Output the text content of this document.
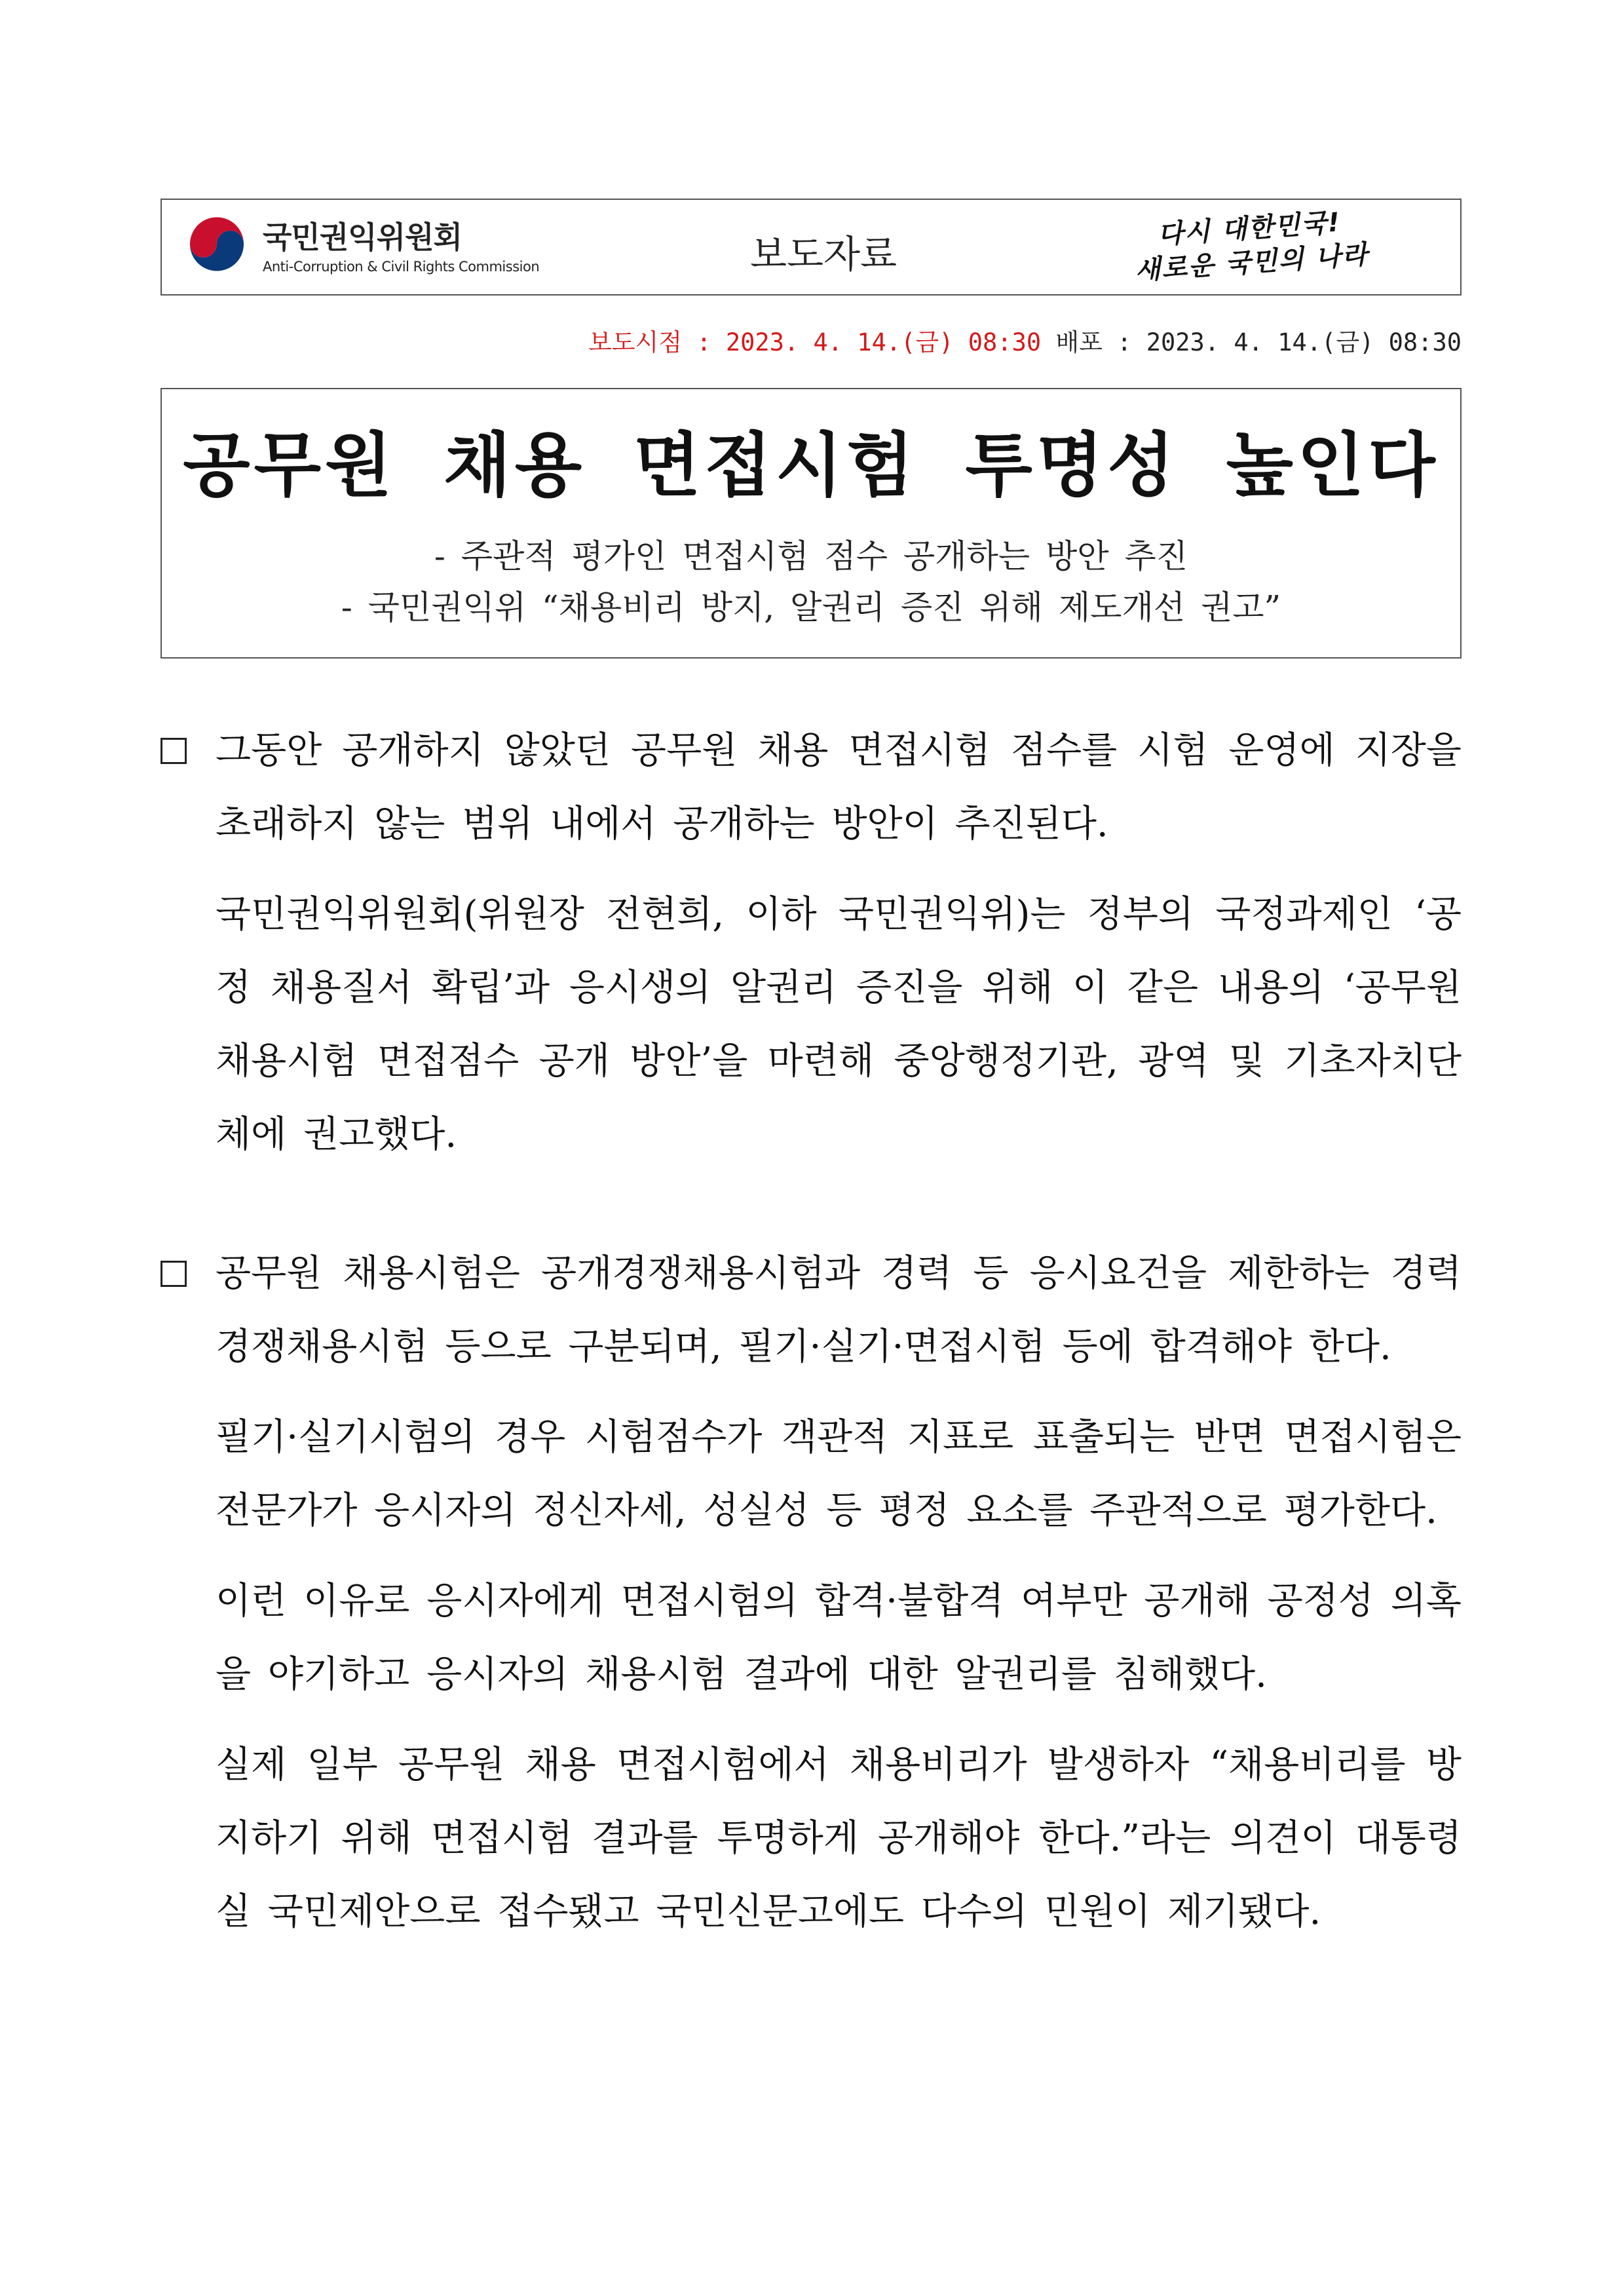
국민권익위원회
Anti-Corruption & Civil Rights Commission	보도자료
다시 대한민국!
새로운 국민의 나라
보도시점 : 2023. 4. 14.(금) 08:30 배포 : 2023. 4. 14.(금) 08:30
공무원 채용 면접시험 투명성 높인다
- 주관적 평가인 면접시험 점수 공개하는 방안 추진
- 국민권익위 “채용비리 방지, 알권리 증진 위해 제도개선 권고”
그동안 공개하지 않았던 공무원 채용 면접시험 점수를 시험 운영에 지장을 초래하지 않는 범위 내에서 공개하는 방안이 추진된다.
국민권익위원회(위원장 전현희, 이하 국민권익위)는 정부의 국정과제인 ‘공정 채용질서 확립’과 응시생의 알권리 증진을 위해 이 같은 내용의 ‘공무원 채용시험 면접점수 공개 방안’을 마련해 중앙행정기관, 광역 및 기초자치단체에 권고했다.
공무원 채용시험은 공개경쟁채용시험과 경력 등 응시요건을 제한하는 경력경쟁채용시험 등으로 구분되며, 필기·실기·면접시험 등에 합격해야 한다.
필기·실기시험의 경우 시험점수가 객관적 지표로 표출되는 반면 면접시험은 전문가가 응시자의 정신자세, 성실성 등 평정 요소를 주관적으로 평가한다.
이런 이유로 응시자에게 면접시험의 합격·불합격 여부만 공개해 공정성 의혹을 야기하고 응시자의 채용시험 결과에 대한 알권리를 침해했다.
실제 일부 공무원 채용 면접시험에서 채용비리가 발생하자 “채용비리를 방지하기 위해 면접시험 결과를 투명하게 공개해야 한다.”라는 의견이 대통령실 국민제안으로 접수됐고 국민신문고에도 다수의 민원이 제기됐다.
